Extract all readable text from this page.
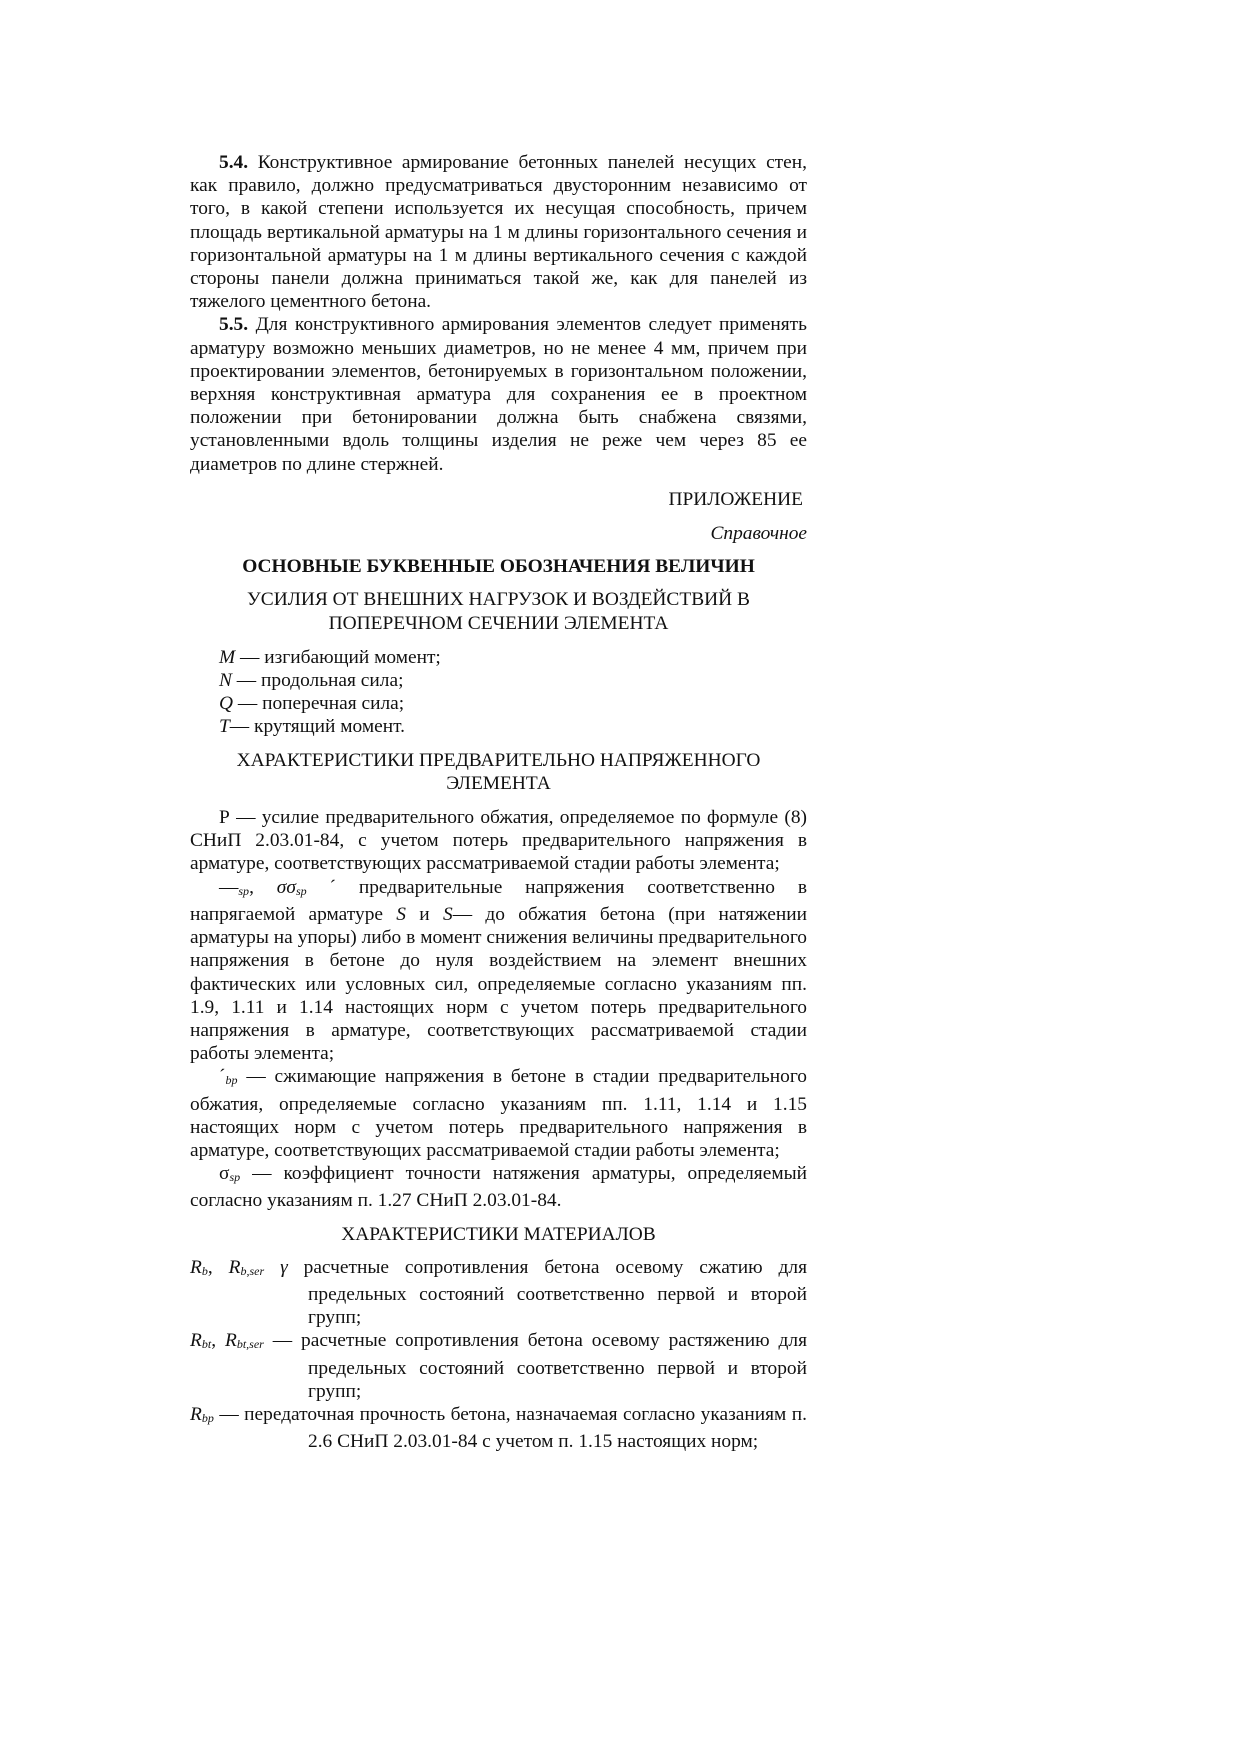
5.4. Конструктивное армирование бетонных панелей несущих стен, как правило, должно предусматриваться двусторонним независимо от того, в какой степени используется их несущая способность, причем площадь вертикальной арматуры на 1 м длины горизонтального сечения и горизонтальной арматуры на 1 м длины вертикального сечения с каждой стороны панели должна приниматься такой же, как для панелей из тяжелого цементного бетона.

5.5. Для конструктивного армирования элементов следует применять арматуру возможно меньших диаметров, но не менее 4 мм, причем при проектировании элементов, бетонируемых в горизонтальном положении, верхняя конструктивная арматура для сохранения ее в проектном положении при бетонировании должна быть снабжена связями, установленными вдоль толщины изделия не реже чем через 85 ее диаметров по длине стержней.

ПРИЛОЖЕНИЕ

Справочное

ОСНОВНЫЕ БУКВЕННЫЕ ОБОЗНАЧЕНИЯ ВЕЛИЧИН

УСИЛИЯ ОТ ВНЕШНИХ НАГРУЗОК И ВОЗДЕЙСТВИЙ В ПОПЕРЕЧНОМ СЕЧЕНИИ ЭЛЕМЕНТА

M — изгибающий момент;

N — продольная сила;

Q — поперечная сила;

T— крутящий момент.

ХАРАКТЕРИСТИКИ ПРЕДВАРИТЕЛЬНО НАПРЯЖЕННОГО ЭЛЕМЕНТА

Р — усилие предварительного обжатия, определяемое по формуле (8) СНиП 2.03.01-84, с учетом потерь предварительного напряжения в арматуре, соответствующих рассматриваемой стадии работы элемента;

—sp, σσsp ´ предварительные напряжения соответственно в напрягаемой арматуре S и S— до обжатия бетона (при натяжении арматуры на упоры) либо в момент снижения величины предварительного напряжения в бетоне до нуля воздействием на элемент внешних фактических или условных сил, определяемые согласно указаниям пп. 1.9, 1.11 и 1.14 настоящих норм с учетом потерь предварительного напряжения в арматуре, соответствующих рассматриваемой стадии работы элемента;

´bp — сжимающие напряжения в бетоне в стадии предварительного обжатия, определяемые согласно указаниям пп. 1.11, 1.14 и 1.15 настоящих норм с учетом потерь предварительного напряжения в арматуре, соответствующих рассматриваемой стадии работы элемента;

σsp — коэффициент точности натяжения арматуры, определяемый согласно указаниям п. 1.27 СНиП 2.03.01-84.

ХАРАКТЕРИСТИКИ МАТЕРИАЛОВ

Rb, Rb,ser γ расчетные сопротивления бетона осевому сжатию для предельных состояний соответственно первой и второй групп;

Rbt, Rbt,ser — расчетные сопротивления бетона осевому растяжению для предельных состояний соответственно первой и второй групп;

Rbp — передаточная прочность бетона, назначаемая согласно указаниям п. 2.6 СНиП 2.03.01-84 с учетом п. 1.15 настоящих норм;
